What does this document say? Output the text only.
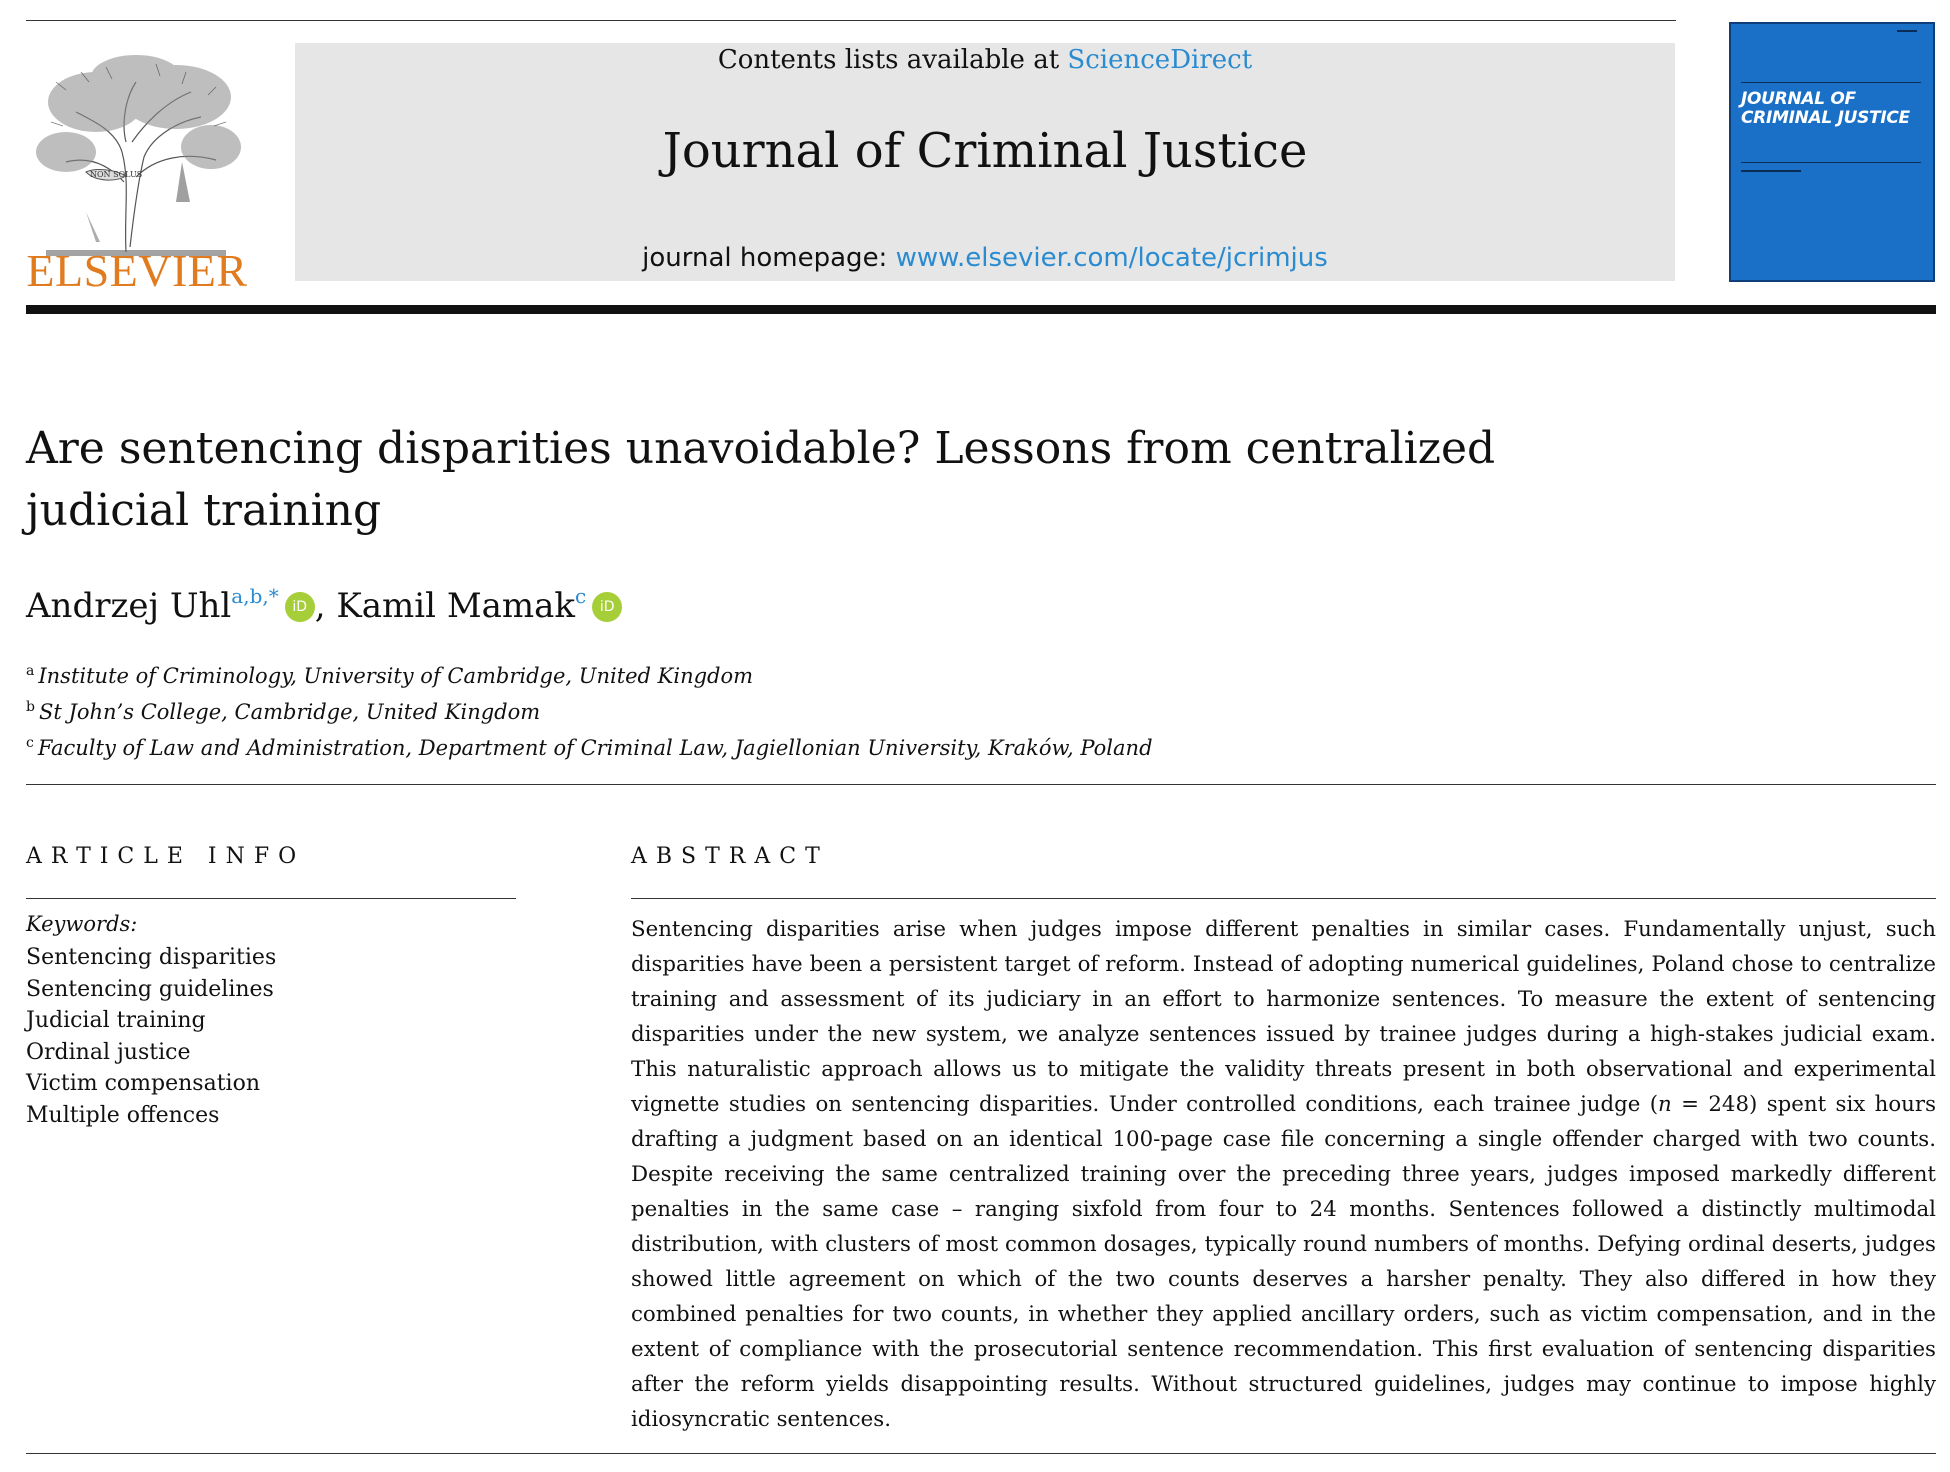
NON SOLUS
ELSEVIER
Contents lists available at ScienceDirect
Journal of Criminal Justice
journal homepage: www.elsevier.com/locate/jcrimjus
JOURNAL OF CRIMINAL JUSTICE
Are sentencing disparities unavoidable? Lessons from centralized
judicial training
Andrzej Uhl$^{a,b,*}$ iD , Kamil Mamak$^c$ iD
$^a$ Institute of Criminology, University of Cambridge, United Kingdom
$^b$ St John’s College, Cambridge, United Kingdom
$^c$ Faculty of Law and Administration, Department of Criminal Law, Jagiellonian University, Kraków, Poland
ARTICLE INFO	ABSTRACT
Keywords:
Sentencing disparities
Sentencing guidelines
Judicial training
Ordinal justice
Victim compensation
Multiple offences

Sentencing disparities arise when judges impose different penalties in similar cases. Fundamentally unjust, such disparities have been a persistent target of reform. Instead of adopting numerical guidelines, Poland chose to centralize training and assessment of its judiciary in an effort to harmonize sentences. To measure the extent of sentencing disparities under the new system, we analyze sentences issued by trainee judges during a high-stakes judicial exam. This naturalistic approach allows us to mitigate the validity threats present in both observational and experimental vignette studies on sentencing disparities. Under controlled conditions, each trainee judge (n = 248) spent six hours drafting a judgment based on an identical 100-page case file concerning a single offender charged with two counts. Despite receiving the same centralized training over the preceding three years, judges imposed markedly different penalties in the same case – ranging sixfold from four to 24 months. Sentences followed a distinctly multimodal distribution, with clusters of most common dosages, typically round numbers of months. Defying ordinal deserts, judges showed little agreement on which of the two counts deserves a harsher penalty. They also differed in how they combined penalties for two counts, in whether they applied ancillary orders, such as victim compensation, and in the extent of compliance with the prosecutorial sentence recommendation. This first evaluation of sentencing disparities after the reform yields disappointing results. Without structured guidelines, judges may continue to impose highly idiosyncratic sentences.
